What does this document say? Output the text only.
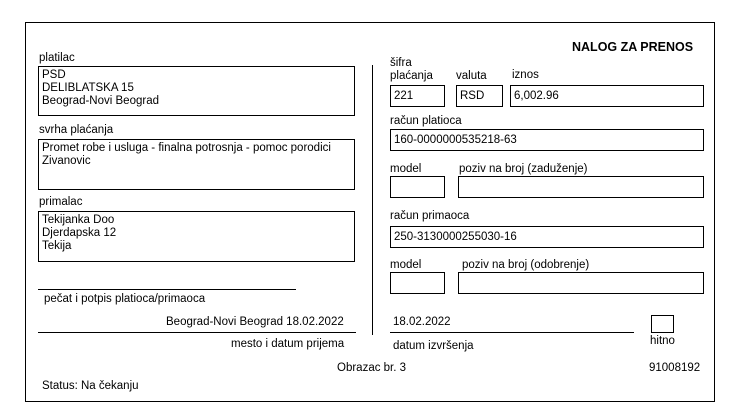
NALOG ZA PRENOS
platilac
PSD
DELIBLATSKA 15
Beograd-Novi Beograd
svrha plaćanja
Promet robe i usluga - finalna potrosnja - pomoc porodici
Zivanovic
primalac
Tekijanka Doo
Djerdapska 12
Tekija
pečat i potpis platioca/primaoca
Beograd-Novi Beograd 18.02.2022
mesto i datum prijema
šifra
plaćanja valuta iznos
221	RSD	6,002.96
račun platioca
160-0000000535218-63
model	poziv na broj (zaduženje)
račun primaoca
250-3130000255030-16
model	poziv na broj (odobrenje)
18.02.2022
datum izvršenja	hitno
Obrazac br. 3	91008192
Status: Na čekanju
